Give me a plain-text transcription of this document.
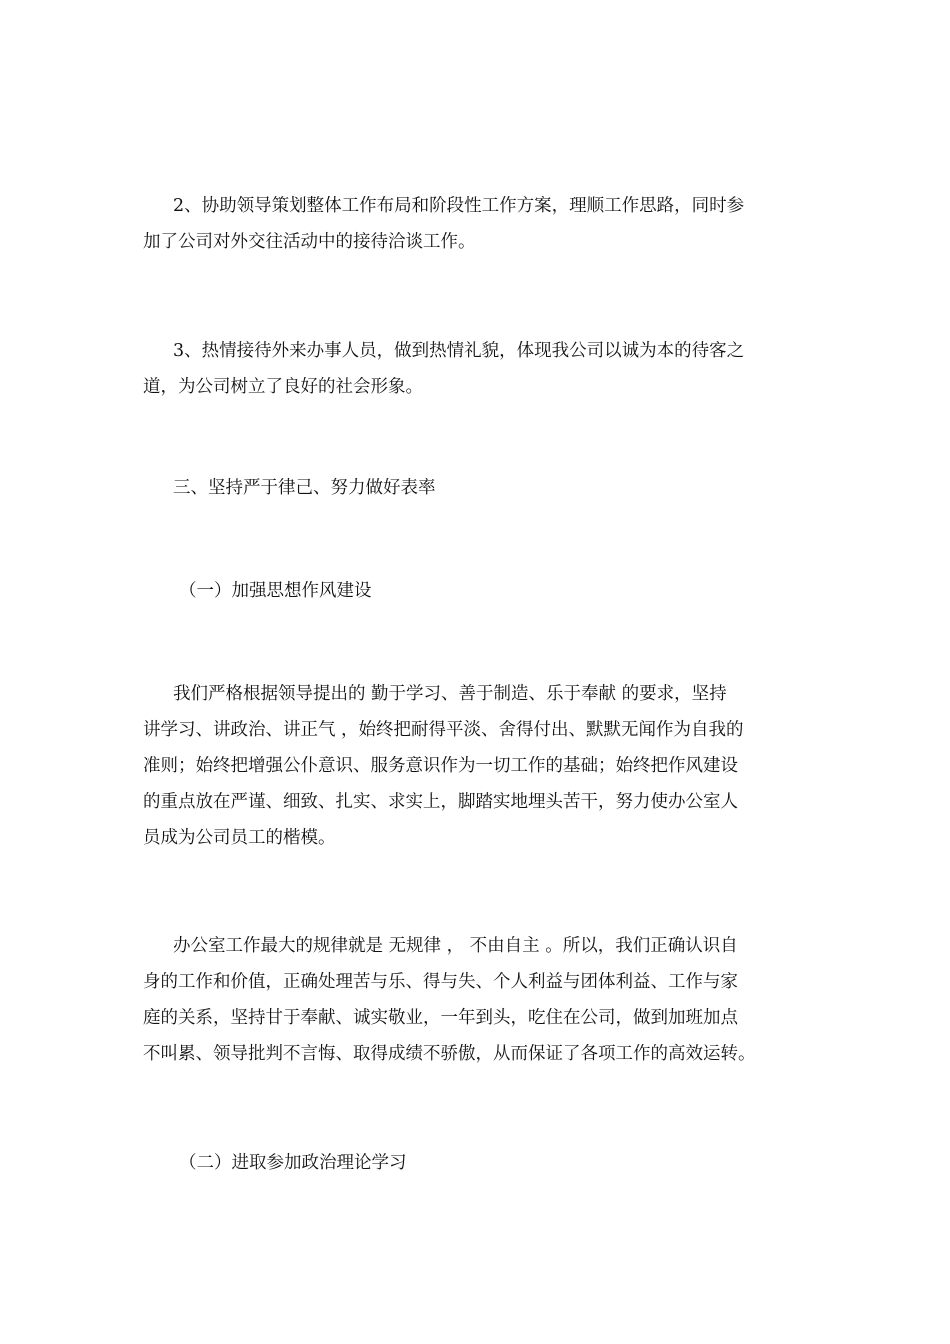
2、协助领导策划整体工作布局和阶段性工作方案，理顺工作思路，同时参
加了公司对外交往活动中的接待洽谈工作。
3、热情接待外来办事人员，做到热情礼貌，体现我公司以诚为本的待客之
道，为公司树立了良好的社会形象。
三、坚持严于律己、努力做好表率
（一）加强思想作风建设
我们严格根据领导提出的 勤于学习、善于制造、乐于奉献 的要求，坚持
讲学习、讲政治、讲正气 ，始终把耐得平淡、舍得付出、默默无闻作为自我的
准则；始终把增强公仆意识、服务意识作为一切工作的基础；始终把作风建设
的重点放在严谨、细致、扎实、求实上，脚踏实地埋头苦干，努力使办公室人
员成为公司员工的楷模。
办公室工作最大的规律就是 无规律 ， 不由自主 。所以，我们正确认识自
身的工作和价值，正确处理苦与乐、得与失、个人利益与团体利益、工作与家
庭的关系，坚持甘于奉献、诚实敬业，一年到头，吃住在公司，做到加班加点
不叫累、领导批判不言悔、取得成绩不骄傲，从而保证了各项工作的高效运转。
（二）进取参加政治理论学习
